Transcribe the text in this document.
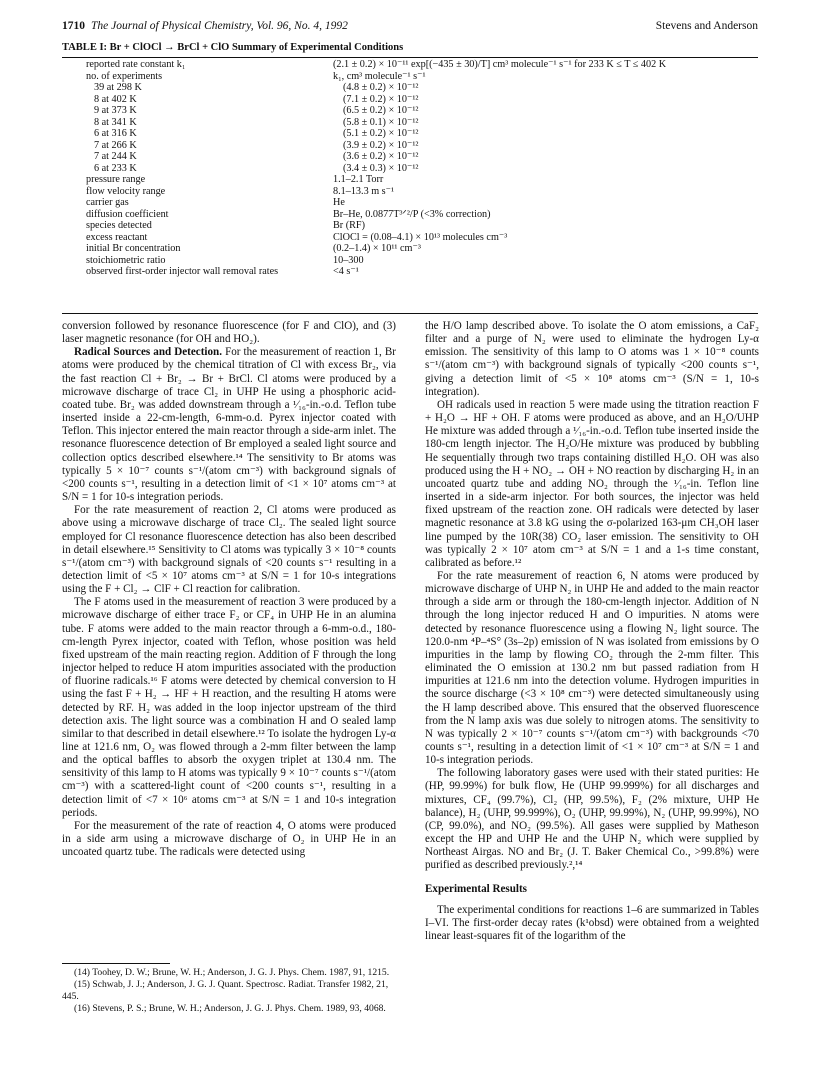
1710 The Journal of Physical Chemistry, Vol. 96, No. 4, 1992	Stevens and Anderson
TABLE I: Br + ClOCl → BrCl + ClO Summary of Experimental Conditions
reported rate constant k₁	(2.1 ± 0.2) × 10⁻¹¹ exp[(−435 ± 30)/T] cm³ molecule⁻¹ s⁻¹ for 233 K ≤ T ≤ 402 K
no. of experiments	k₁, cm³ molecule⁻¹ s⁻¹
39 at 298 K	(4.8 ± 0.2) × 10⁻¹²
8 at 402 K	(7.1 ± 0.2) × 10⁻¹²
9 at 373 K	(6.5 ± 0.2) × 10⁻¹²
8 at 341 K	(5.8 ± 0.1) × 10⁻¹²
6 at 316 K	(5.1 ± 0.2) × 10⁻¹²
7 at 266 K	(3.9 ± 0.2) × 10⁻¹²
7 at 244 K	(3.6 ± 0.2) × 10⁻¹²
6 at 233 K	(3.4 ± 0.3) × 10⁻¹²
pressure range	1.1–2.1 Torr
flow velocity range	8.1–13.3 m s⁻¹
carrier gas	He
diffusion coefficient	Br–He, 0.0877T³ᐟ²/P (<3% correction)
species detected	Br (RF)
excess reactant	ClOCl = (0.08–4.1) × 10¹³ molecules cm⁻³
initial Br concentration	(0.2–1.4) × 10¹¹ cm⁻³
stoichiometric ratio	10–300
observed first-order injector wall removal rates	<4 s⁻¹

conversion followed by resonance fluorescence (for F and ClO), and (3) laser magnetic resonance (for OH and HO₂).

Radical Sources and Detection. For the measurement of reaction 1, Br atoms were produced by the chemical titration of Cl with excess Br₂, via the fast reaction Cl + Br₂ → Br + BrCl. Cl atoms were produced by a microwave discharge of trace Cl₂ in UHP He using a phosphoric acid-coated tube. Br₂ was added downstream through a ¹⁄₁₆-in.-o.d. Teflon tube inserted inside a 22-cm-length, 6-mm-o.d. Pyrex injector coated with Teflon. This injector entered the main reactor through a side-arm inlet. The resonance fluorescence detection of Br employed a sealed light source and collection optics described elsewhere.¹⁴ The sensitivity to Br atoms was typically 5 × 10⁻⁷ counts s⁻¹/(atom cm⁻³) with background signals of <200 counts s⁻¹, resulting in a detection limit of <1 × 10⁷ atoms cm⁻³ at S/N = 1 for 10-s integration periods.

For the rate measurement of reaction 2, Cl atoms were produced as above using a microwave discharge of trace Cl₂. The sealed light source employed for Cl resonance fluorescence detection has also been described in detail elsewhere.¹⁵ Sensitivity to Cl atoms was typically 3 × 10⁻⁸ counts s⁻¹/(atom cm⁻³) with background signals of <20 counts s⁻¹ resulting in a detection limit of <5 × 10⁷ atoms cm⁻³ at S/N = 1 for 10-s integrations using the F + Cl₂ → ClF + Cl reaction for calibration.

The F atoms used in the measurement of reaction 3 were produced by a microwave discharge of either trace F₂ or CF₄ in UHP He in an alumina tube. F atoms were added to the main reactor through a 6-mm-o.d., 180-cm-length Pyrex injector, coated with Teflon, whose position was held fixed upstream of the main reacting region. Addition of F through the long injector helped to reduce H atom impurities associated with the production of fluorine radicals.¹⁶ F atoms were detected by chemical conversion to H using the fast F + H₂ → HF + H reaction, and the resulting H atoms were detected by RF. H₂ was added in the loop injector upstream of the third detection axis. The light source was a combination H and O sealed lamp similar to that described in detail elsewhere.¹² To isolate the hydrogen Ly-α line at 121.6 nm, O₂ was flowed through a 2-mm filter between the lamp and the optical baffles to absorb the oxygen triplet at 130.4 nm. The sensitivity of this lamp to H atoms was typically 9 × 10⁻⁷ counts s⁻¹/(atom cm⁻³) with a scattered-light count of <200 counts s⁻¹, resulting in a detection limit of <7 × 10⁶ atoms cm⁻³ at S/N = 1 and 10-s integration periods.

For the measurement of the rate of reaction 4, O atoms were produced in a side arm using a microwave discharge of O₂ in UHP He in an uncoated quartz tube. The radicals were detected using

(14) Toohey, D. W.; Brune, W. H.; Anderson, J. G. J. Phys. Chem. 1987, 91, 1215.

(15) Schwab, J. J.; Anderson, J. G. J. Quant. Spectrosc. Radiat. Transfer 1982, 21, 445.

(16) Stevens, P. S.; Brune, W. H.; Anderson, J. G. J. Phys. Chem. 1989, 93, 4068.

the H/O lamp described above. To isolate the O atom emissions, a CaF₂ filter and a purge of N₂ were used to eliminate the hydrogen Ly-α emission. The sensitivity of this lamp to O atoms was 1 × 10⁻⁸ counts s⁻¹/(atom cm⁻³) with background signals of typically <200 counts s⁻¹, giving a detection limit of <5 × 10⁸ atoms cm⁻³ (S/N = 1, 10-s integration).

OH radicals used in reaction 5 were made using the titration reaction F + H₂O → HF + OH. F atoms were produced as above, and an H₂O/UHP He mixture was added through a ¹⁄₁₆-in.-o.d. Teflon tube inserted inside the 180-cm length injector. The H₂O/He mixture was produced by bubbling He sequentially through two traps containing distilled H₂O. OH was also produced using the H + NO₂ → OH + NO reaction by discharging H₂ in an uncoated quartz tube and adding NO₂ through the ¹⁄₁₆-in. Teflon line inserted in a side-arm injector. For both sources, the injector was held fixed upstream of the reaction zone. OH radicals were detected by laser magnetic resonance at 3.8 kG using the σ-polarized 163-μm CH₃OH laser line pumped by the 10R(38) CO₂ laser emission. The sensitivity to OH was typically 2 × 10⁷ atom cm⁻³ at S/N = 1 and a 1-s time constant, calibrated as before.¹²

For the rate measurement of reaction 6, N atoms were produced by microwave discharge of UHP N₂ in UHP He and added to the main reactor through a side arm or through the 180-cm-length injector. Addition of N through the long injector reduced H and O impurities. N atoms were detected by resonance fluorescence using a flowing N₂ light source. The 120.0-nm ⁴P–⁴S° (3s–2p) emission of N was isolated from emissions by O impurities in the lamp by flowing CO₂ through the 2-mm filter. This eliminated the O emission at 130.2 nm but passed radiation from H impurities at 121.6 nm into the detection volume. Hydrogen impurities in the source discharge (<3 × 10⁸ cm⁻³) were detected simultaneously using the H lamp described above. This ensured that the observed fluorescence from the N lamp axis was due solely to nitrogen atoms. The sensitivity to N was typically 2 × 10⁻⁷ counts s⁻¹/(atom cm⁻³) with backgrounds <70 counts s⁻¹, resulting in a detection limit of <1 × 10⁷ cm⁻³ at S/N = 1 and 10-s integration periods.

The following laboratory gases were used with their stated purities: He (HP, 99.99%) for bulk flow, He (UHP 99.999%) for all discharges and mixtures, CF₄ (99.7%), Cl₂ (HP, 99.5%), F₂ (2% mixture, UHP He balance), H₂ (UHP, 99.999%), O₂ (UHP, 99.99%), N₂ (UHP, 99.99%), NO (CP, 99.0%), and NO₂ (99.5%). All gases were supplied by Matheson except the HP and UHP He and the UHP N₂ which were supplied by Northeast Airgas. NO and Br₂ (J. T. Baker Chemical Co., >99.8%) were purified as described previously.²,¹⁴

Experimental Results

The experimental conditions for reactions 1–6 are summarized in Tables I–VI. The first-order decay rates (k¹obsd) were obtained from a weighted linear least-squares fit of the logarithm of the
